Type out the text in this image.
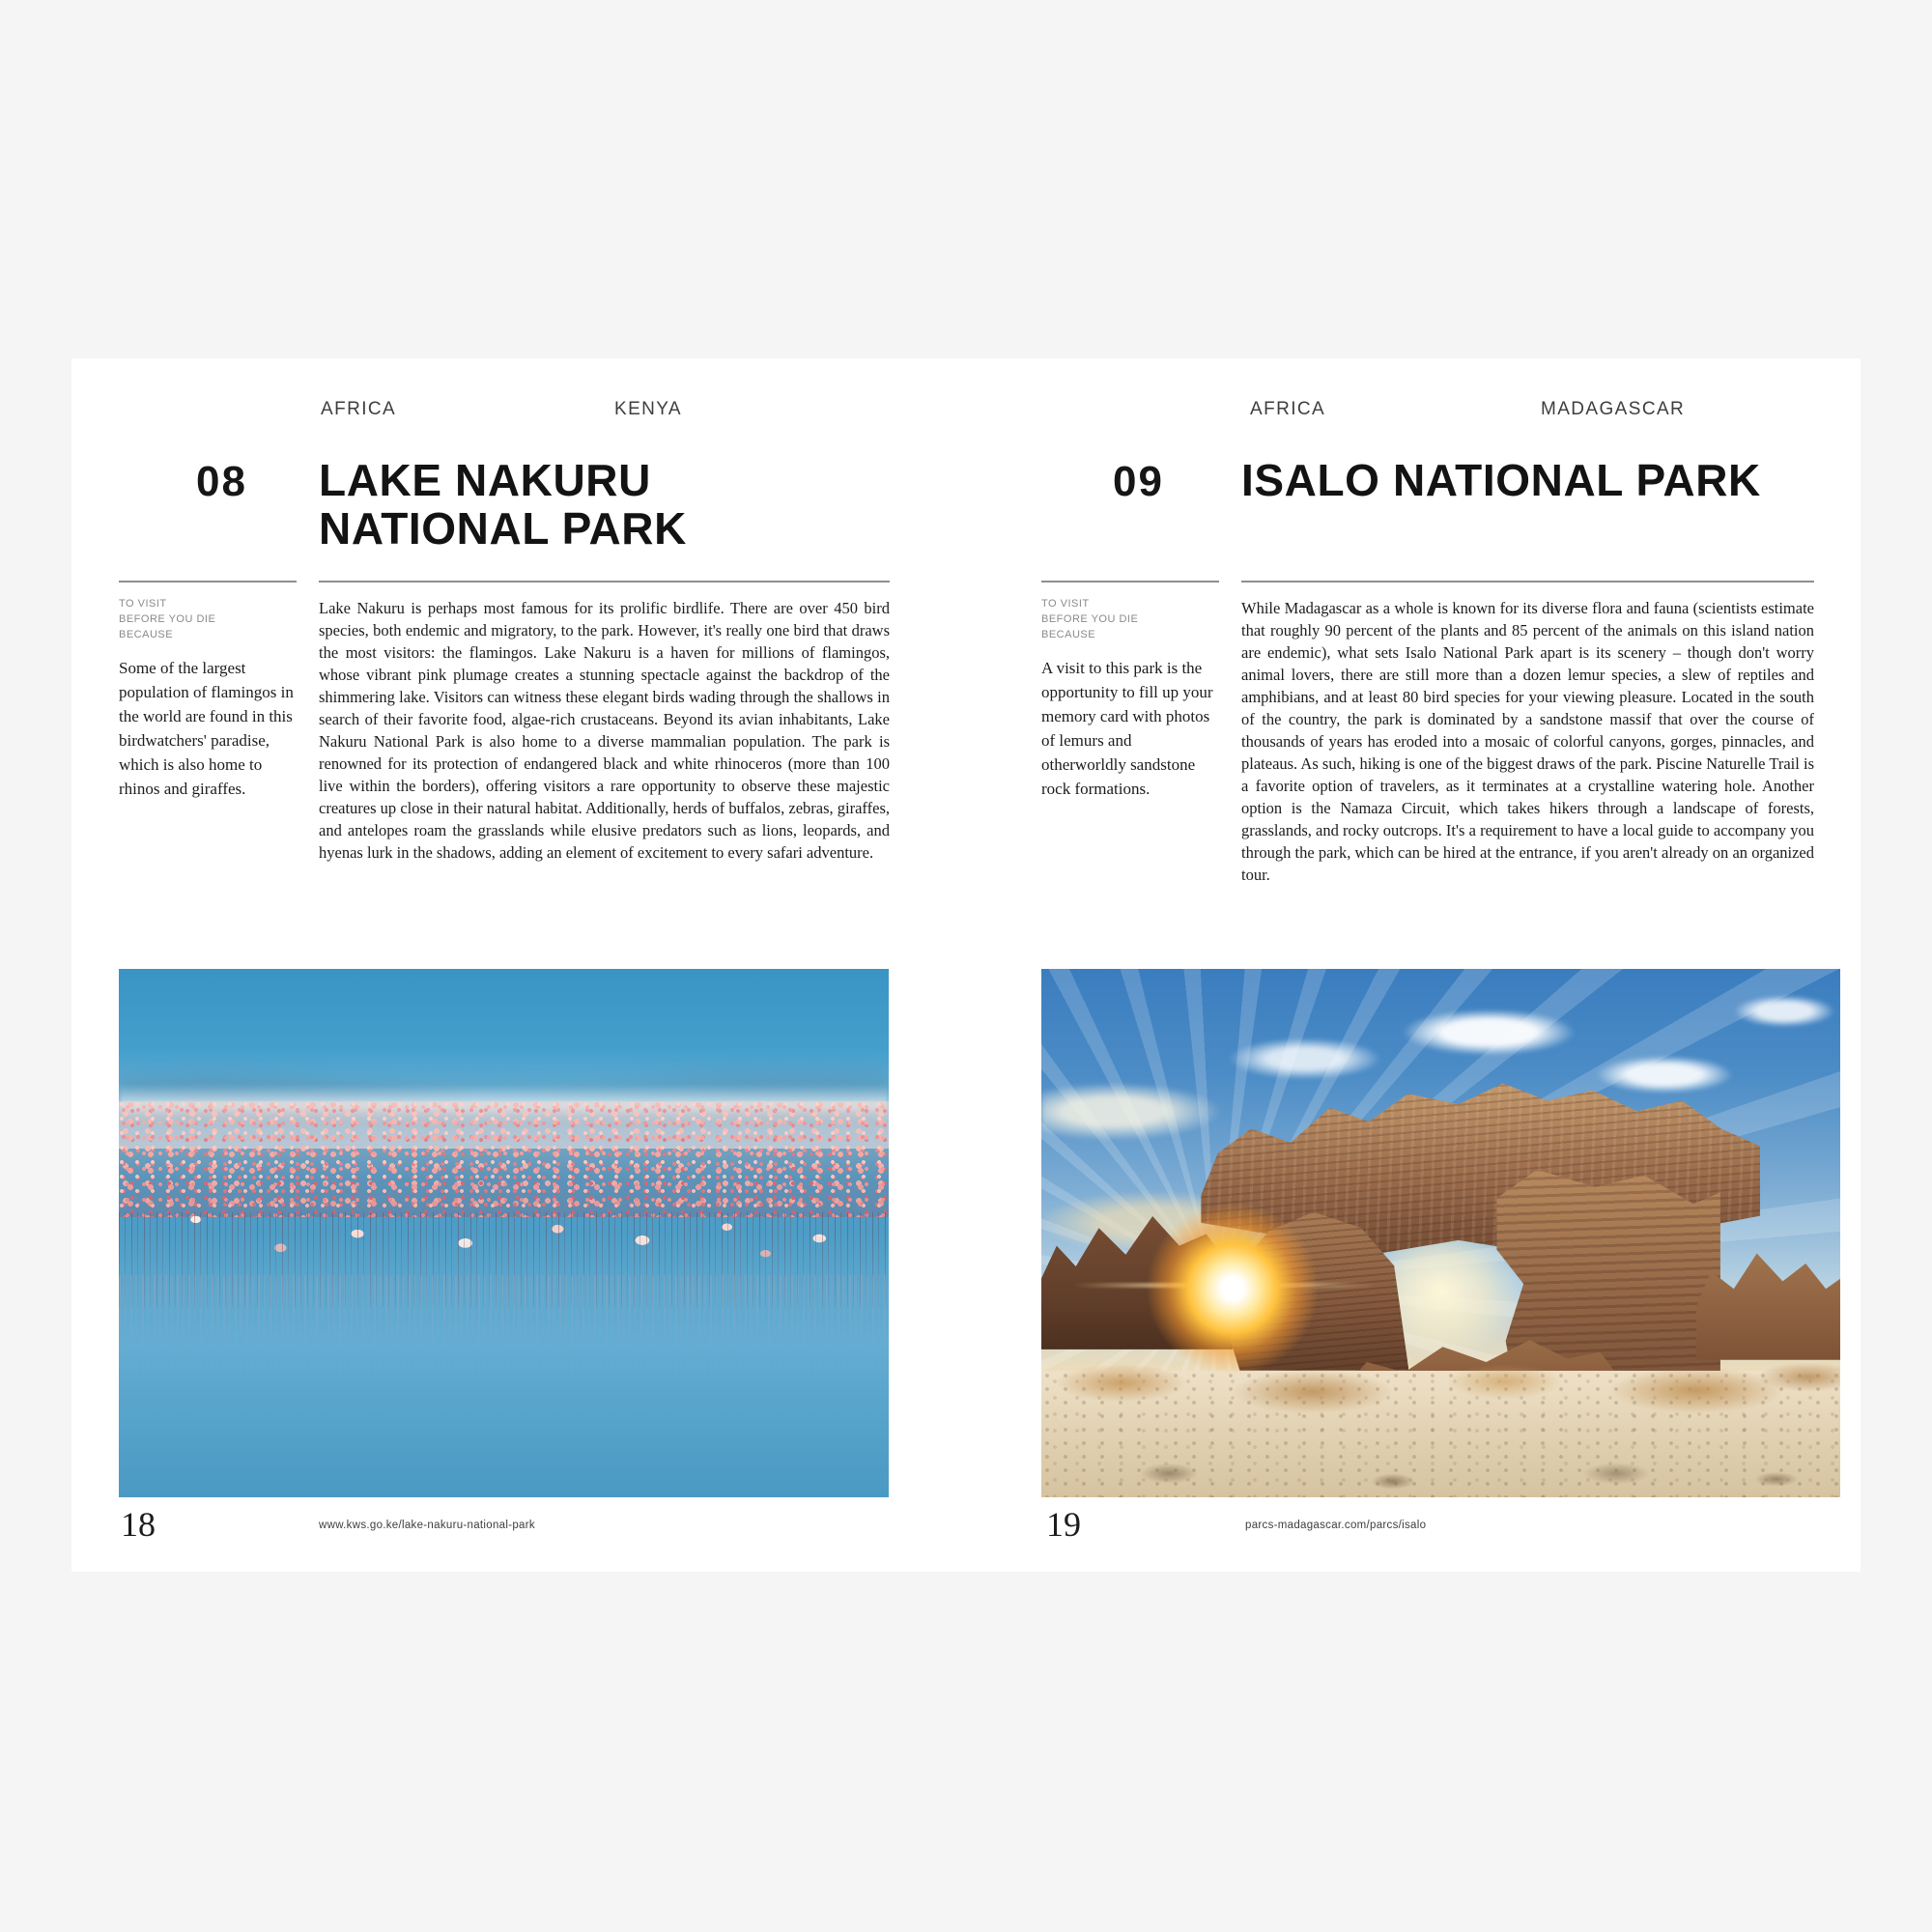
AFRICA	KENYA
08 LAKE NAKURU
NATIONAL PARK
TO VISIT
BEFORE YOU DIE
BECAUSE

Some of the largest population of flamingos in the world are found in this birdwatchers' paradise, which is also home to rhinos and giraffes.

Lake Nakuru is perhaps most famous for its prolific birdlife. There are over 450 bird species, both endemic and migratory, to the park. However, it's really one bird that draws the most visitors: the flamingos. Lake Nakuru is a haven for millions of flamingos, whose vibrant pink plumage creates a stunning spectacle against the backdrop of the shimmering lake. Visitors can witness these elegant birds wading through the shallows in search of their favorite food, algae-rich crustaceans. Beyond its avian inhabitants, Lake Nakuru National Park is also home to a diverse mammalian population. The park is renowned for its protection of endangered black and white rhinoceros (more than 100 live within the borders), offering visitors a rare opportunity to observe these majestic creatures up close in their natural habitat. Additionally, herds of buffalos, zebras, giraffes, and antelopes roam the grasslands while elusive predators such as lions, leopards, and hyenas lurk in the shadows, adding an element of excitement to every safari adventure.
18	www.kws.go.ke/lake-nakuru-national-park
AFRICA	MADAGASCAR
09 ISALO NATIONAL PARK
TO VISIT
BEFORE YOU DIE
BECAUSE

A visit to this park is the opportunity to fill up your memory card with photos of lemurs and otherworldly sandstone rock formations.

While Madagascar as a whole is known for its diverse flora and fauna (scientists estimate that roughly 90 percent of the plants and 85 percent of the animals on this island nation are endemic), what sets Isalo National Park apart is its scenery – though don't worry animal lovers, there are still more than a dozen lemur species, a slew of reptiles and amphibians, and at least 80 bird species for your viewing pleasure. Located in the south of the country, the park is dominated by a sandstone massif that over the course of thousands of years has eroded into a mosaic of colorful canyons, gorges, pinnacles, and plateaus. As such, hiking is one of the biggest draws of the park. Piscine Naturelle Trail is a favorite option of travelers, as it terminates at a crystalline watering hole. Another option is the Namaza Circuit, which takes hikers through a landscape of forests, grasslands, and rocky outcrops. It's a requirement to have a local guide to accompany you through the park, which can be hired at the entrance, if you aren't already on an organized tour.
19	parcs-madagascar.com/parcs/isalo
